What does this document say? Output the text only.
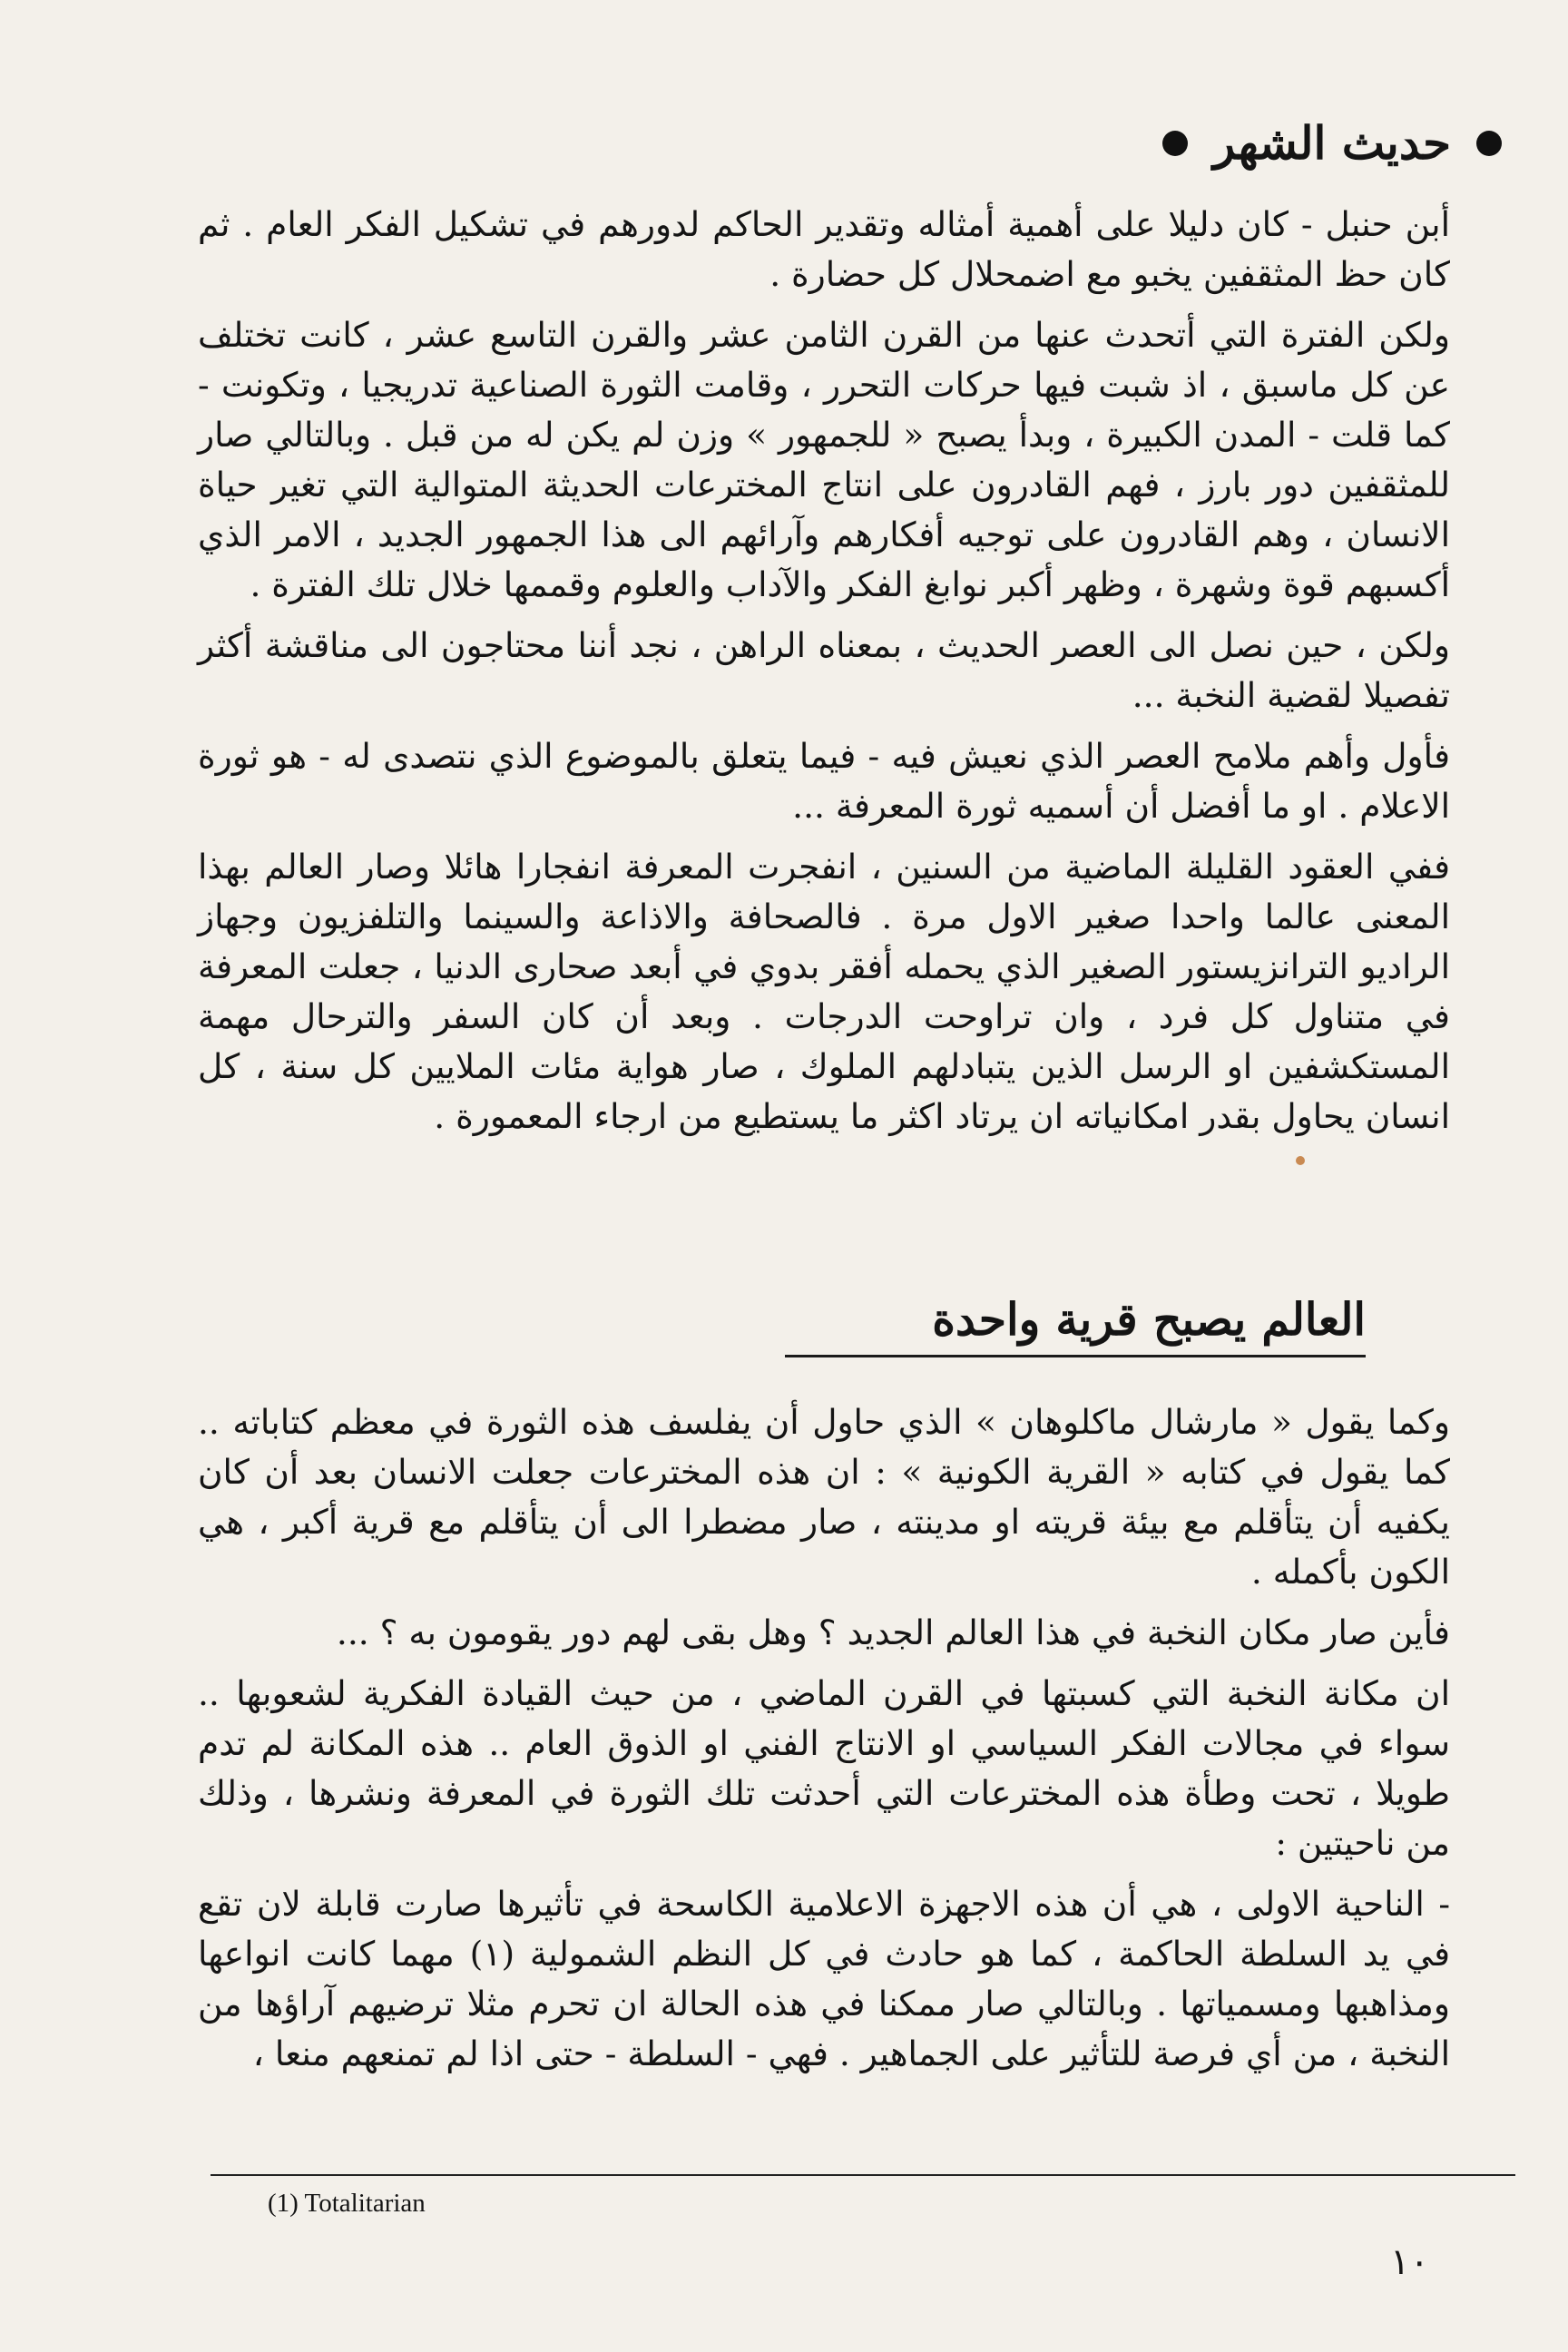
حديث الشهر

أبن حنبل - كان دليلا على أهمية أمثاله وتقدير الحاكم لدورهم في تشكيل الفكر العام . ثم كان حظ المثقفين يخبو مع اضمحلال كل حضارة .

ولكن الفترة التي أتحدث عنها من القرن الثامن عشر والقرن التاسع عشر ، كانت تختلف عن كل ماسبق ، اذ شبت فيها حركات التحرر ، وقامت الثورة الصناعية تدريجيا ، وتكونت - كما قلت - المدن الكبيرة ، وبدأ يصبح « للجمهور » وزن لم يكن له من قبل . وبالتالي صار للمثقفين دور بارز ، فهم القادرون على انتاج المخترعات الحديثة المتوالية التي تغير حياة الانسان ، وهم القادرون على توجيه أفكارهم وآرائهم الى هذا الجمهور الجديد ، الامر الذي أكسبهم قوة وشهرة ، وظهر أكبر نوابغ الفكر والآداب والعلوم وقممها خلال تلك الفترة .

ولكن ، حين نصل الى العصر الحديث ، بمعناه الراهن ، نجد أننا محتاجون الى مناقشة أكثر تفصيلا لقضية النخبة ...

فأول وأهم ملامح العصر الذي نعيش فيه - فيما يتعلق بالموضوع الذي نتصدى له - هو ثورة الاعلام . او ما أفضل أن أسميه ثورة المعرفة ...

ففي العقود القليلة الماضية من السنين ، انفجرت المعرفة انفجارا هائلا وصار العالم بهذا المعنى عالما واحدا صغير الاول مرة . فالصحافة والاذاعة والسينما والتلفزيون وجهاز الراديو الترانزيستور الصغير الذي يحمله أفقر بدوي في أبعد صحارى الدنيا ، جعلت المعرفة في متناول كل فرد ، وان تراوحت الدرجات . وبعد أن كان السفر والترحال مهمة المستكشفين او الرسل الذين يتبادلهم الملوك ، صار هواية مئات الملايين كل سنة ، كل انسان يحاول بقدر امكانياته ان يرتاد اكثر ما يستطيع من ارجاء المعمورة .

العالم يصبح قرية واحدة

وكما يقول « مارشال ماكلوهان » الذي حاول أن يفلسف هذه الثورة في معظم كتاباته .. كما يقول في كتابه « القرية الكونية » : ان هذه المخترعات جعلت الانسان بعد أن كان يكفيه أن يتأقلم مع بيئة قريته او مدينته ، صار مضطرا الى أن يتأقلم مع قرية أكبر ، هي الكون بأكمله .

فأين صار مكان النخبة في هذا العالم الجديد ؟ وهل بقى لهم دور يقومون به ؟ ...

ان مكانة النخبة التي كسبتها في القرن الماضي ، من حيث القيادة الفكرية لشعوبها .. سواء في مجالات الفكر السياسي او الانتاج الفني او الذوق العام .. هذه المكانة لم تدم طويلا ، تحت وطأة هذه المخترعات التي أحدثت تلك الثورة في المعرفة ونشرها ، وذلك من ناحيتين :

- الناحية الاولى ، هي أن هذه الاجهزة الاعلامية الكاسحة في تأثيرها صارت قابلة لان تقع في يد السلطة الحاكمة ، كما هو حادث في كل النظم الشمولية (١) مهما كانت انواعها ومذاهبها ومسمياتها . وبالتالي صار ممكنا في هذه الحالة ان تحرم مثلا ترضيهم آراؤها من النخبة ، من أي فرصة للتأثير على الجماهير . فهي - السلطة - حتى اذا لم تمنعهم منعا ،

(1) Totalitarian
١٠
